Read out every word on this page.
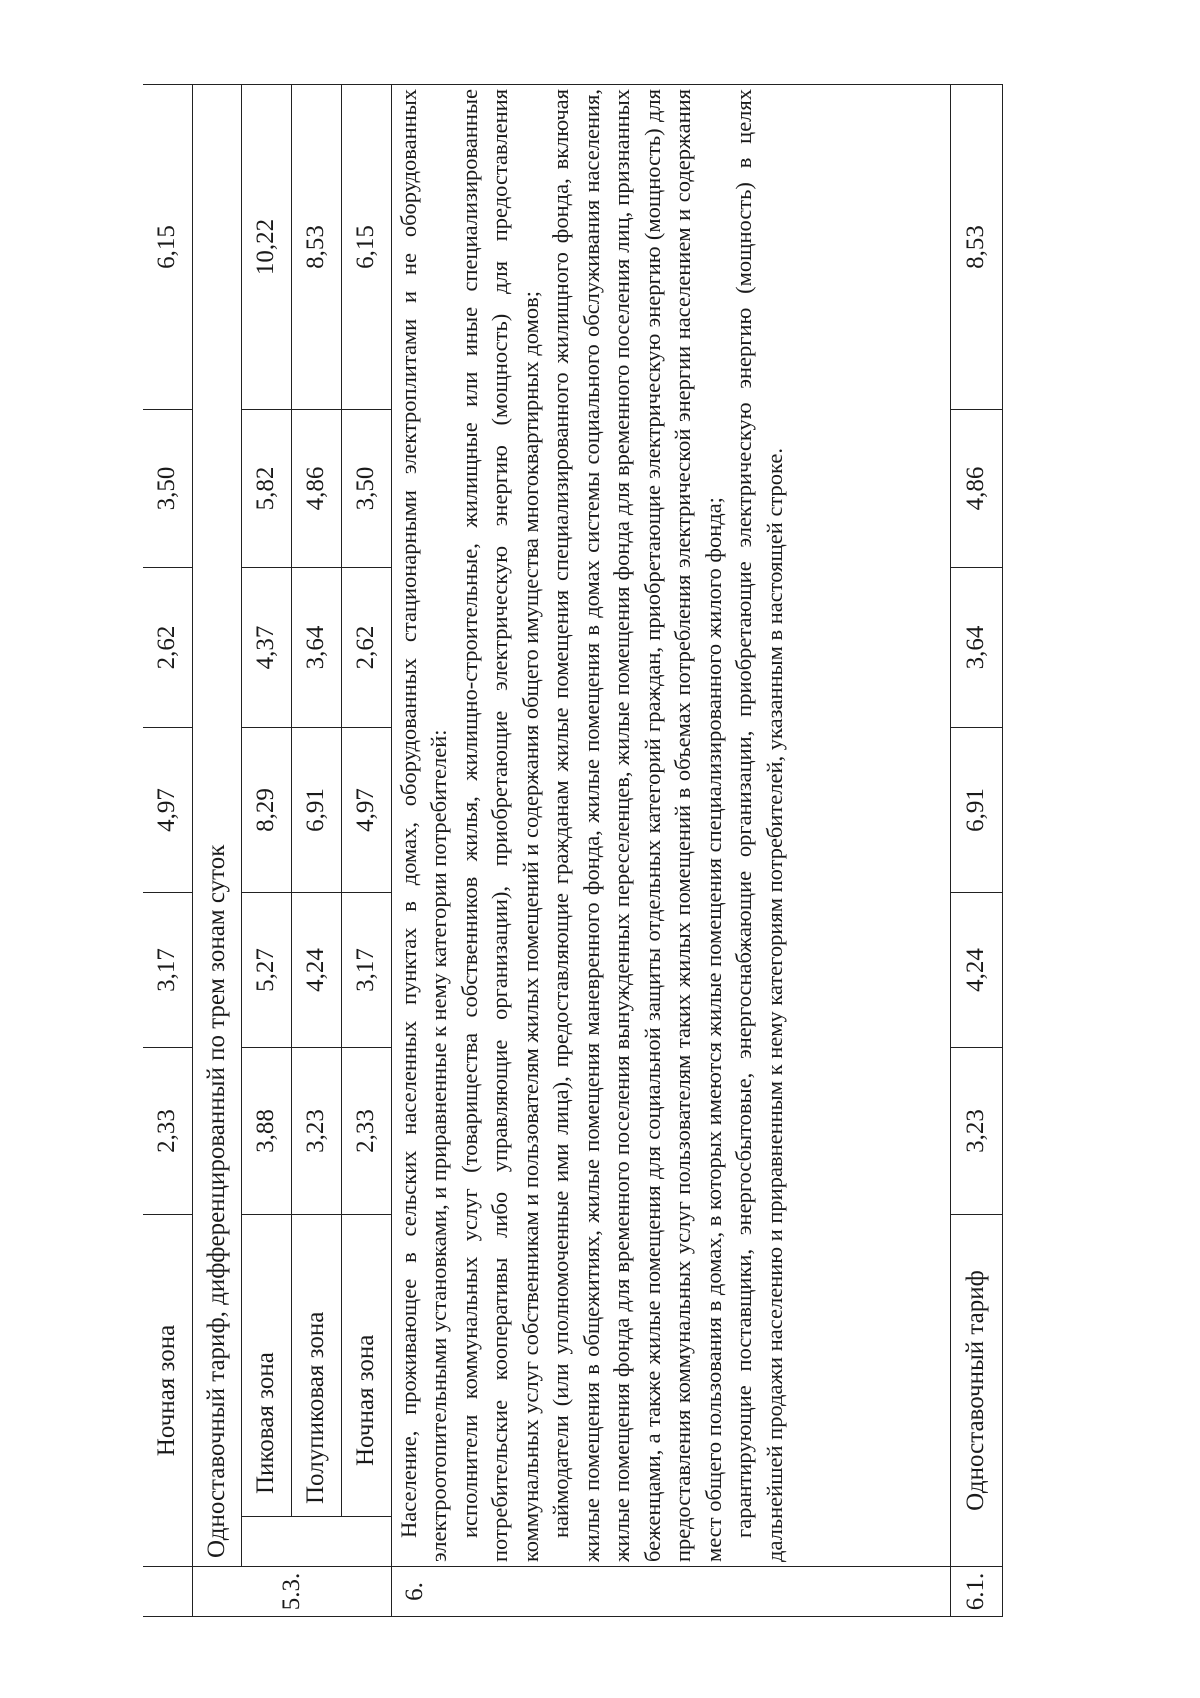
	Ночная зона		2,33	3,17	4,97	2,62	3,50	6,15
5.3.	Одноставочный тариф, дифференцированный по трем зонам суток							
		Пиковая зона	3,88	5,27	8,29	4,37	5,82	10,22
		Полупиковая зона	3,23	4,24	6,91	3,64	4,86	8,53
		Ночная зона	2,33	3,17	4,97	2,62	3,50	6,15
6.	Население, проживающее в сельских населенных пунктах в домах, оборудованных стационарными электроплитами и не оборудованных электроотопительными установками, и приравненные к нему категории потребителей: исполнители коммунальных услуг (товарищества собственников жилья, жилищно-строительные, жилищные или иные специализированные потребительские кооперативы либо управляющие организации), приобретающие электрическую энергию (мощность) для предоставления коммунальных услуг собственникам и пользователям жилых помещений и содержания общего имущества многоквартирных домов; наймодатели (или уполномоченные ими лица), предоставляющие гражданам жилые помещения специализированного жилищного фонда, включая жилые помещения в общежитиях, жилые помещения маневренного фонда, жилые помещения в домах системы социального обслуживания населения, жилые помещения фонда для временного поселения вынужденных переселенцев, жилые помещения фонда для временного поселения лиц, признанных беженцами, а также жилые помещения для социальной защиты отдельных категорий граждан, приобретающие электрическую энергию (мощность) для предоставления коммунальных услуг пользователям таких жилых помещений в объемах потребления электрической энергии населением и содержания мест общего пользования в домах, в которых имеются жилые помещения специализированного жилого фонда; гарантирующие поставщики, энергосбытовые, энергоснабжающие организации, приобретающие электрическую энергию (мощность) в целях дальнейшей продажи населению и приравненным к нему категориям потребителей, указанным в настоящей строке.							

6.1.	Одноставочный тариф		3,23	4,24	6,91	3,64	4,86	8,53
